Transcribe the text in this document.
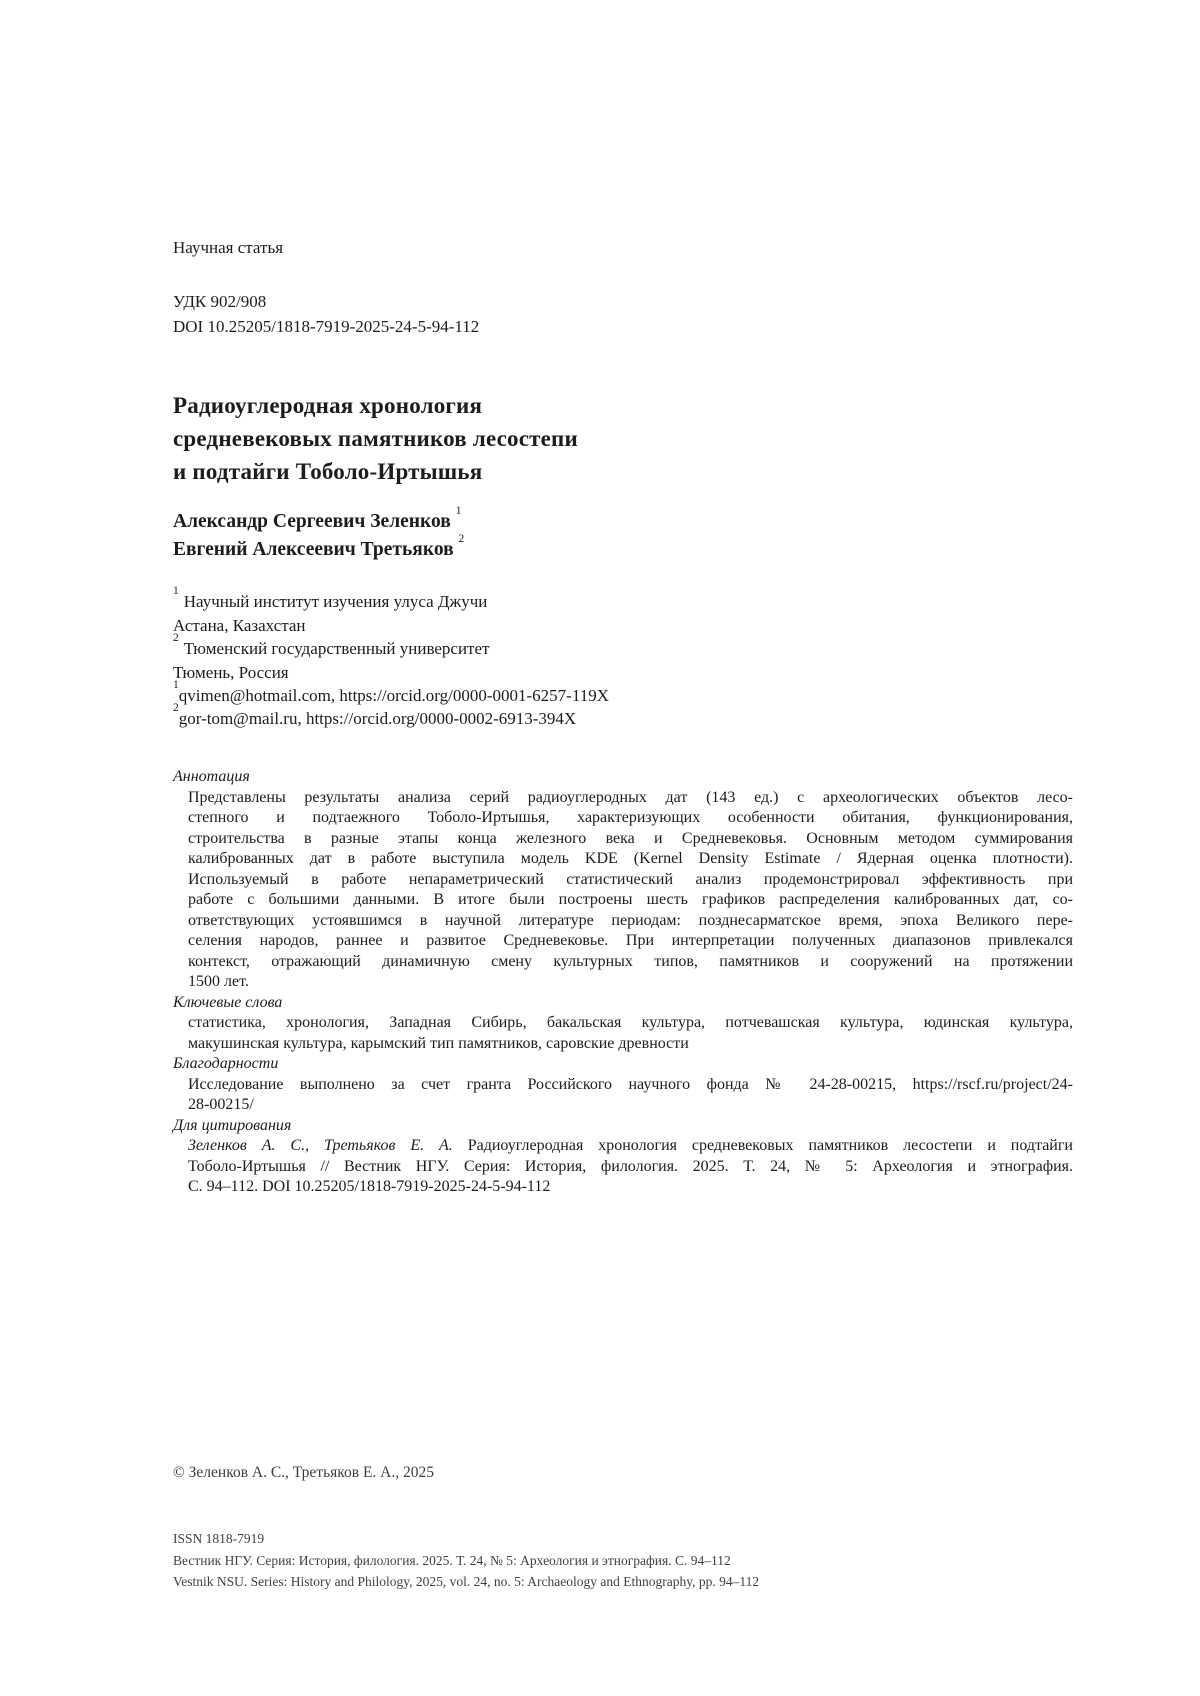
Научная статья
УДК 902/908
DOI 10.25205/1818-7919-2025-24-5-94-112
Радиоуглеродная хронология
средневековых памятников лесостепи
и подтайги Тоболо-Иртышья
Александр Сергеевич Зеленков $^1$
Евгений Алексеевич Третьяков $^2$
$^1$Научный институт изучения улуса Джучи
Астана, Казахстан
$^2$Тюменский государственный университет
Тюмень, Россия
$^1$qvimen@hotmail.com, https://orcid.org/0000-0001-6257-119X
$^2$gor-tom@mail.ru, https://orcid.org/0000-0002-6913-394X
Аннотация
Представлены результаты анализа серий радиоуглеродных дат (143 ед.) с археологических объектов лесо-
степного и подтаежного Тоболо-Иртышья, характеризующих особенности обитания, функционирования,
строительства в разные этапы конца железного века и Средневековья. Основным методом суммирования
калиброванных дат в работе выступила модель KDE (Kernel Density Estimate / Ядерная оценка плотности).
Используемый в работе непараметрический статистический анализ продемонстрировал эффективность при
работе с большими данными. В итоге были построены шесть графиков распределения калиброванных дат, со-
ответствующих устоявшимся в научной литературе периодам: позднесарматское время, эпоха Великого пере-
селения народов, раннее и развитое Средневековье. При интерпретации полученных диапазонов привлекался
контекст, отражающий динамичную смену культурных типов, памятников и сооружений на протяжении
1500 лет.
Ключевые слова
статистика, хронология, Западная Сибирь, бакальская культура, потчевашская культура, юдинская культура,
макушинская культура, карымский тип памятников, саровские древности
Благодарности
Исследование выполнено за счет гранта Российского научного фонда № 24-28-00215, https://rscf.ru/project/24-
28-00215/
Для цитирования
Зеленков А. С., Третьяков Е. А. Радиоуглеродная хронология средневековых памятников лесостепи и подтайги
Тоболо-Иртышья // Вестник НГУ. Серия: История, филология. 2025. Т. 24, № 5: Археология и этнография.
С. 94–112. DOI 10.25205/1818-7919-2025-24-5-94-112
© Зеленков А. С., Третьяков Е. А., 2025
ISSN 1818-7919
Вестник НГУ. Серия: История, филология. 2025. Т. 24, № 5: Археология и этнография. С. 94–112
Vestnik NSU. Series: History and Philology, 2025, vol. 24, no. 5: Archaeology and Ethnography, pp. 94–112
